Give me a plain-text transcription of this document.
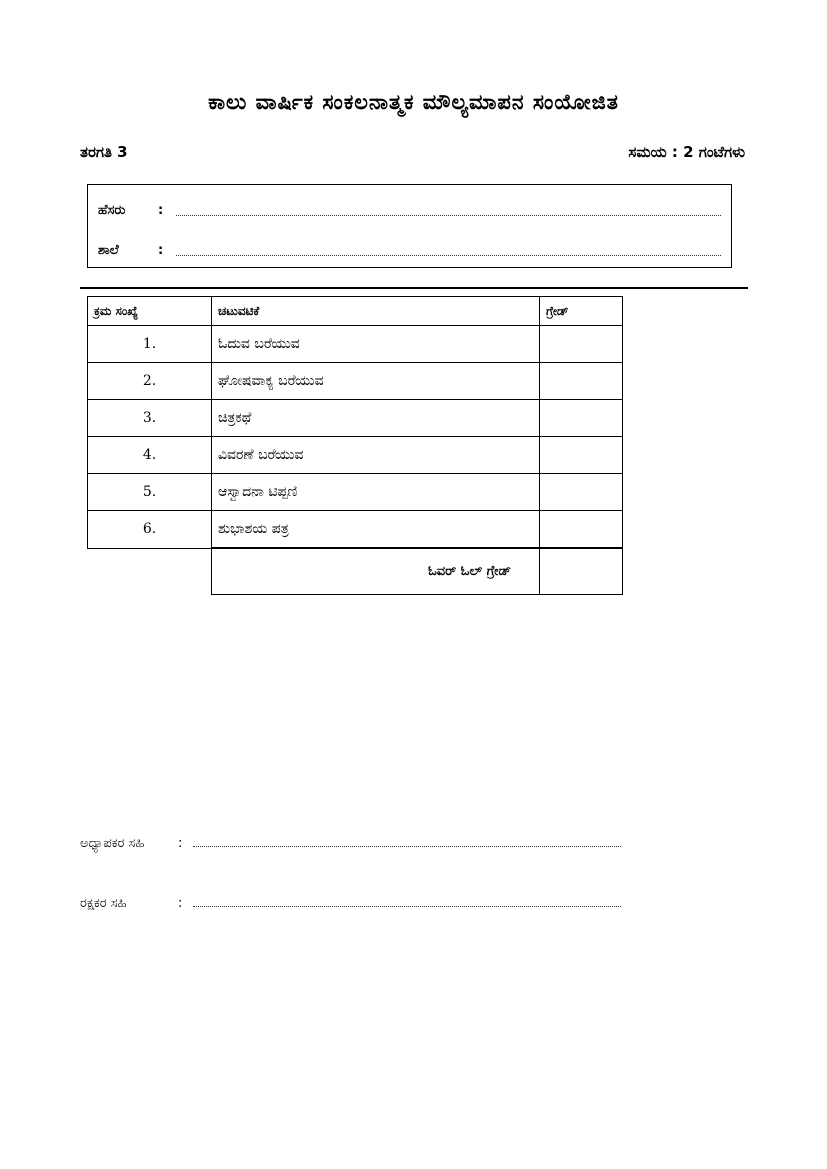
ಕಾಲು ವಾರ್ಷಿಕ ಸಂಕಲನಾತ್ಮಕ ಮೌಲ್ಯಮಾಪನ ಸಂಯೋಜಿತ
ತರಗತಿ 3	ಸಮಯ : 2 ಗಂಟೆಗಳು
ಹೆಸರು	:
ಶಾಲೆ	:
ಕ್ರಮ ಸಂಖ್ಯೆ	ಚಟುವಟಿಕೆ	ಗ್ರೇಡ್
1.	ಓದುವ ಬರೆಯುವ	
2.	ಘೋಷವಾಕ್ಯ ಬರೆಯುವ	
3.	ಚಿತ್ರಕಥೆ	
4.	ವಿವರಣೆ ಬರೆಯುವ	
5.	ಆಸ್ವಾದನಾ ಟಿಪ್ಪಣಿ	
6.	ಶುಭಾಶಯ ಪತ್ರ	
	ಓವರ್ ಓಲ್ ಗ್ರೇಡ್	
ಅಧ್ಯಾಪಕರ ಸಹಿ	:
ರಕ್ಷಕರ ಸಹಿ	:
